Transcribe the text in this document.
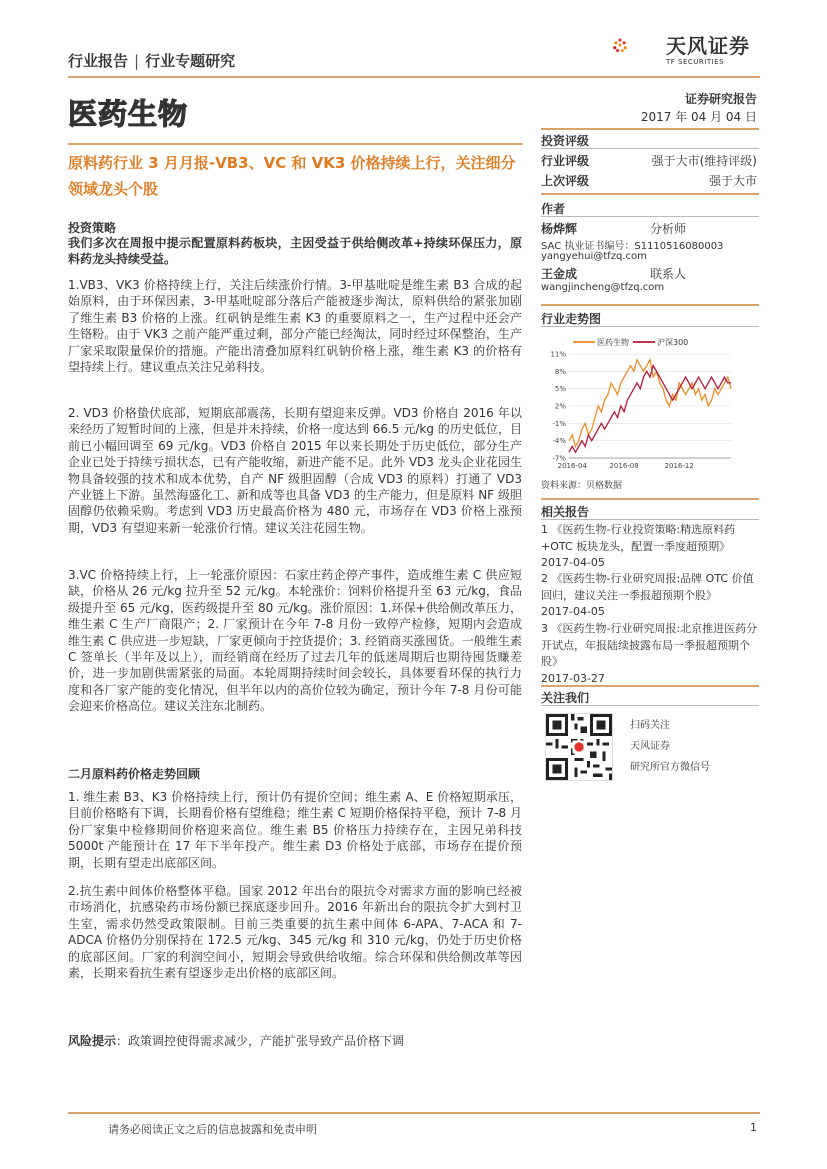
行业报告 | 行业专题研究
天风证券
TF SECURITIES
医药生物	证券研究报告
2017 年 04 月 04 日
原料药行业 3 月月报-VB3、VC 和 VK3 价格持续上行，关注细分领域龙头个股
投资策略
我们多次在周报中提示配置原料药板块，主因受益于供给侧改革+持续环保压力，原料药龙头持续受益。
1.VB3、VK3 价格持续上行，关注后续涨价行情。3-甲基吡啶是维生素 B3 合成的起始原料，由于环保因素，3-甲基吡啶部分落后产能被逐步淘汰，原料供给的紧张加剧了维生素 B3 价格的上涨。红矾钠是维生素 K3 的重要原料之一，生产过程中还会产生铬粉。由于 VK3 之前产能严重过剩，部分产能已经淘汰，同时经过环保整治，生产厂家采取限量保价的措施。产能出清叠加原料红矾钠价格上涨，维生素 K3 的价格有望持续上行。建议重点关注兄弟科技。
2. VD3 价格蛰伏底部，短期底部震荡，长期有望迎来反弹。VD3 价格自 2016 年以来经历了短暂时间的上涨，但是并未持续，价格一度达到 66.5 元/kg 的历史低位，目前已小幅回调至 69 元/kg。VD3 价格自 2015 年以来长期处于历史低位，部分生产企业已处于持续亏损状态，已有产能收缩，新进产能不足。此外 VD3 龙头企业花园生物具备较强的技术和成本优势，自产 NF 级胆固醇（合成 VD3 的原料）打通了 VD3 产业链上下游。虽然海盛化工、新和成等也具备 VD3 的生产能力，但是原料 NF 级胆固醇仍依赖采购。考虑到 VD3 历史最高价格为 480 元，市场存在 VD3 价格上涨预期，VD3 有望迎来新一轮涨价行情。建议关注花园生物。
3.VC 价格持续上行，上一轮涨价原因：石家庄药企停产事件，造成维生素 C 供应短缺，价格从 26 元/kg 拉升至 52 元/kg。本轮涨价：饲料价格提升至 63 元/kg，食品级提升至 65 元/kg，医药级提升至 80 元/kg。涨价原因：1.环保+供给侧改革压力，维生素 C 生产厂商限产；2. 厂家预计在今年 7-8 月份一致停产检修，短期内会造成维生素 C 供应进一步短缺，厂家更倾向于控货提价；3. 经销商买涨囤货。一般维生素 C 签单长（半年及以上），而经销商在经历了过去几年的低迷周期后也期待囤货赚差价，进一步加剧供需紧张的局面。本轮周期持续时间会较长，具体要看环保的执行力度和各厂家产能的变化情况，但半年以内的高价位较为确定，预计今年 7-8 月份可能会迎来价格高位。建议关注东北制药。
二月原料药价格走势回顾
1. 维生素 B3、K3 价格持续上行，预计仍有提价空间；维生素 A、E 价格短期承压，目前价格略有下调，长期看价格有望维稳；维生素 C 短期价格保持平稳，预计 7-8 月份厂家集中检修期间价格迎来高位。维生素 B5 价格压力持续存在，主因兄弟科技 5000t 产能预计在 17 年下半年投产。维生素 D3 价格处于底部，市场存在提价预期，长期有望走出底部区间。
2.抗生素中间体价格整体平稳。国家 2012 年出台的限抗令对需求方面的影响已经被市场消化，抗感染药市场份额已探底逐步回升。2016 年新出台的限抗令扩大到村卫生室，需求仍然受政策限制。目前三类重要的抗生素中间体 6-APA、7-ACA 和 7-ADCA 价格仍分别保持在 172.5 元/kg、345 元/kg 和 310 元/kg，仍处于历史价格的底部区间。厂家的利润空间小，短期会导致供给收缩。综合环保和供给侧改革等因素，长期来看抗生素有望逐步走出价格的底部区间。
风险提示：政策调控使得需求减少，产能扩张导致产品价格下调
投资评级
行业评级	强于大市(维持评级)
上次评级	强于大市
作者
杨烨辉	分析师
SAC 执业证书编号：S1110516080003
yangyehui@tfzq.com
王金成	联系人
wangjincheng@tfzq.com
行业走势图
11%
8%
5%
2%
-1%
-4%
-7%
2016-04	2016-08	2016-12
医药生物	沪深300
资料来源：贝格数据
相关报告
1 《医药生物-行业投资策略:精选原料药+OTC 板块龙头，配置一季度超预期》
2017-04-05
2 《医药生物-行业研究周报:品牌 OTC 价值回归，建议关注一季报超预期个股》
2017-04-05
3 《医药生物-行业研究周报:北京推进医药分开试点，年报陆续披露布局一季报超预期个股》
2017-03-27
关注我们
扫码关注
天风证券
研究所官方微信号
请务必阅读正文之后的信息披露和免责申明	1
